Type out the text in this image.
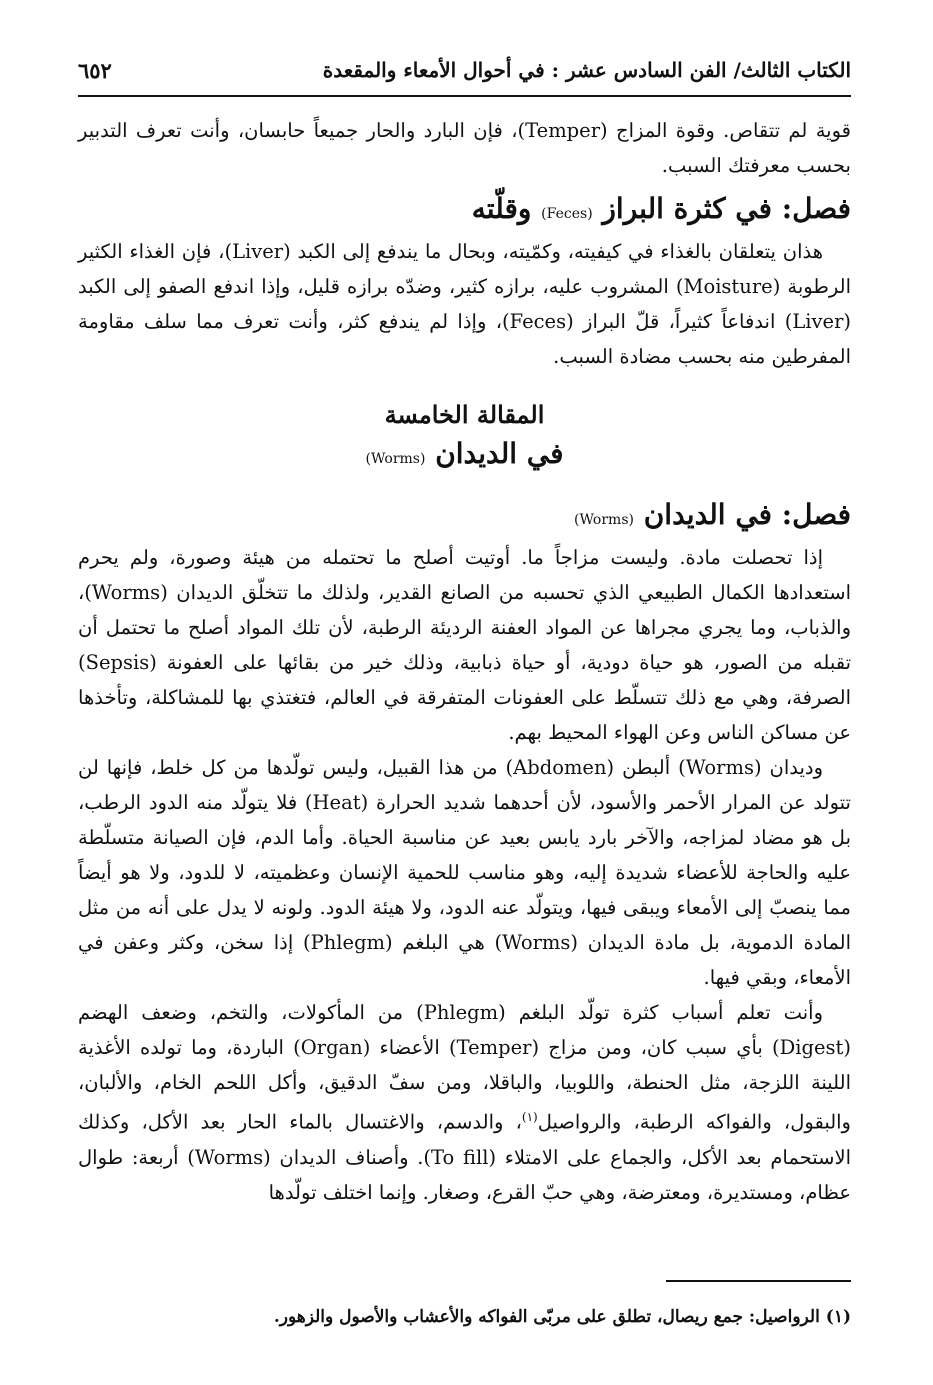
الكتاب الثالث/ الفن السادس عشر : في أحوال الأمعاء والمقعدة
٦٥٢

قوية لم تتقاص. وقوة المزاج (Temper)، فإن البارد والحار جميعاً حابسان، وأنت تعرف التدبير بحسب معرفتك السبب.

فصل: في كثرة البراز (Feces) وقلّته

هذان يتعلقان بالغذاء في كيفيته، وكمّيته، وبحال ما يندفع إلى الكبد (Liver)، فإن الغذاء الكثير الرطوبة (Moisture) المشروب عليه، برازه كثير، وضدّه برازه قليل، وإذا اندفع الصفو إلى الكبد (Liver) اندفاعاً كثيراً، قلّ البراز (Feces)، وإذا لم يندفع كثر، وأنت تعرف مما سلف مقاومة المفرطين منه بحسب مضادة السبب.

المقالة الخامسة
في الديدان (Worms)
فصل: في الديدان (Worms)

إذا تحصلت مادة. وليست مزاجاً ما. أوتيت أصلح ما تحتمله من هيئة وصورة، ولم يحرم استعدادها الكمال الطبيعي الذي تحسبه من الصانع القدير، ولذلك ما تتخلّق الديدان (Worms)، والذباب، وما يجري مجراها عن المواد العفنة الرديئة الرطبة، لأن تلك المواد أصلح ما تحتمل أن تقبله من الصور، هو حياة دودية، أو حياة ذبابية، وذلك خير من بقائها على العفونة (Sepsis) الصرفة، وهي مع ذلك تتسلّط على العفونات المتفرقة في العالم، فتغتذي بها للمشاكلة، وتأخذها عن مساكن الناس وعن الهواء المحيط بهم.

وديدان (Worms) ألبطن (Abdomen) من هذا القبيل، وليس تولّدها من كل خلط، فإنها لن تتولد عن المرار الأحمر والأسود، لأن أحدهما شديد الحرارة (Heat) فلا يتولّد منه الدود الرطب، بل هو مضاد لمزاجه، والآخر بارد يابس بعيد عن مناسبة الحياة. وأما الدم، فإن الصيانة متسلّطة عليه والحاجة للأعضاء شديدة إليه، وهو مناسب للحمية الإنسان وعظميته، لا للدود، ولا هو أيضاً مما ينصبّ إلى الأمعاء ويبقى فيها، ويتولّد عنه الدود، ولا هيئة الدود. ولونه لا يدل على أنه من مثل المادة الدموية، بل مادة الديدان (Worms) هي البلغم (Phlegm) إذا سخن، وكثر وعفن في الأمعاء، وبقي فيها.

وأنت تعلم أسباب كثرة تولّد البلغم (Phlegm) من المأكولات، والتخم، وضعف الهضم (Digest) بأي سبب كان، ومن مزاج (Temper) الأعضاء (Organ) الباردة، وما تولده الأغذية اللينة اللزجة، مثل الحنطة، واللوبيا، والباقلا، ومن سفّ الدقيق، وأكل اللحم الخام، والألبان، والبقول، والفواكه الرطبة، والرواصيل$^{(١)}$، والدسم، والاغتسال بالماء الحار بعد الأكل، وكذلك الاستحمام بعد الأكل، والجماع على الامتلاء (To fill). وأصناف الديدان (Worms) أربعة: طوال عظام، ومستديرة، ومعترضة، وهي حبّ القرع، وصغار. وإنما اختلف تولّدها

(١) الرواصيل: جمع ريصال، تطلق على مربّى الفواكه والأعشاب والأصول والزهور.
